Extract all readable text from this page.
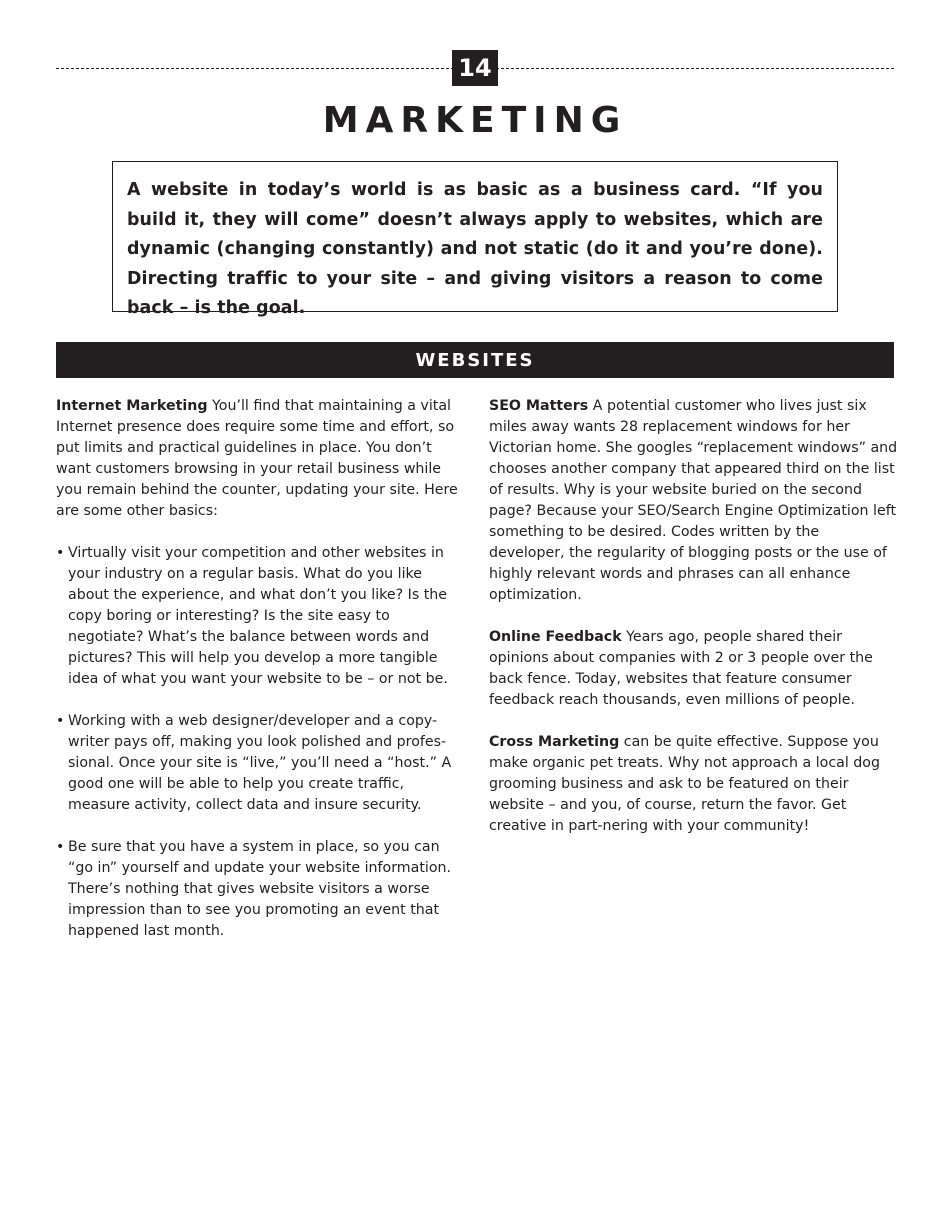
14
MARKETING

A website in today’s world is as basic as a business card. “If you build it, they will come” doesn’t always apply to websites, which are dynamic (changing constantly) and not static (do it and you’re done). Directing traffic to your site – and giving visitors a reason to come back – is the goal.

WEBSITES

Internet Marketing You’ll find that maintaining a vital Internet presence does require some time and effort, so put limits and practical guidelines in place. You don’t want customers browsing in your retail business while you remain behind the counter, updating your site. Here are some other basics:

• Virtually visit your competition and other websites in your industry on a regular basis. What do you like about the experience, and what don’t you like? Is the copy boring or interesting? Is the site easy to negotiate? What’s the balance between words and pictures? This will help you develop a more tangible idea of what you want your website to be – or not be.
• Working with a web designer/developer and a copy-writer pays off, making you look polished and profes-sional. Once your site is “live,” you’ll need a “host.” A good one will be able to help you create traffic, measure activity, collect data and insure security.
• Be sure that you have a system in place, so you can “go in” yourself and update your website information. There’s nothing that gives website visitors a worse impression than to see you promoting an event that happened last month.

SEO Matters A potential customer who lives just six miles away wants 28 replacement windows for her Victorian home. She googles “replacement windows” and chooses another company that appeared third on the list of results. Why is your website buried on the second page? Because your SEO/Search Engine Optimization left something to be desired. Codes written by the developer, the regularity of blogging posts or the use of highly relevant words and phrases can all enhance optimization.

Online Feedback Years ago, people shared their opinions about companies with 2 or 3 people over the back fence. Today, websites that feature consumer feedback reach thousands, even millions of people.

Cross Marketing can be quite effective. Suppose you make organic pet treats. Why not approach a local dog grooming business and ask to be featured on their website – and you, of course, return the favor. Get creative in part-nering with your community!
